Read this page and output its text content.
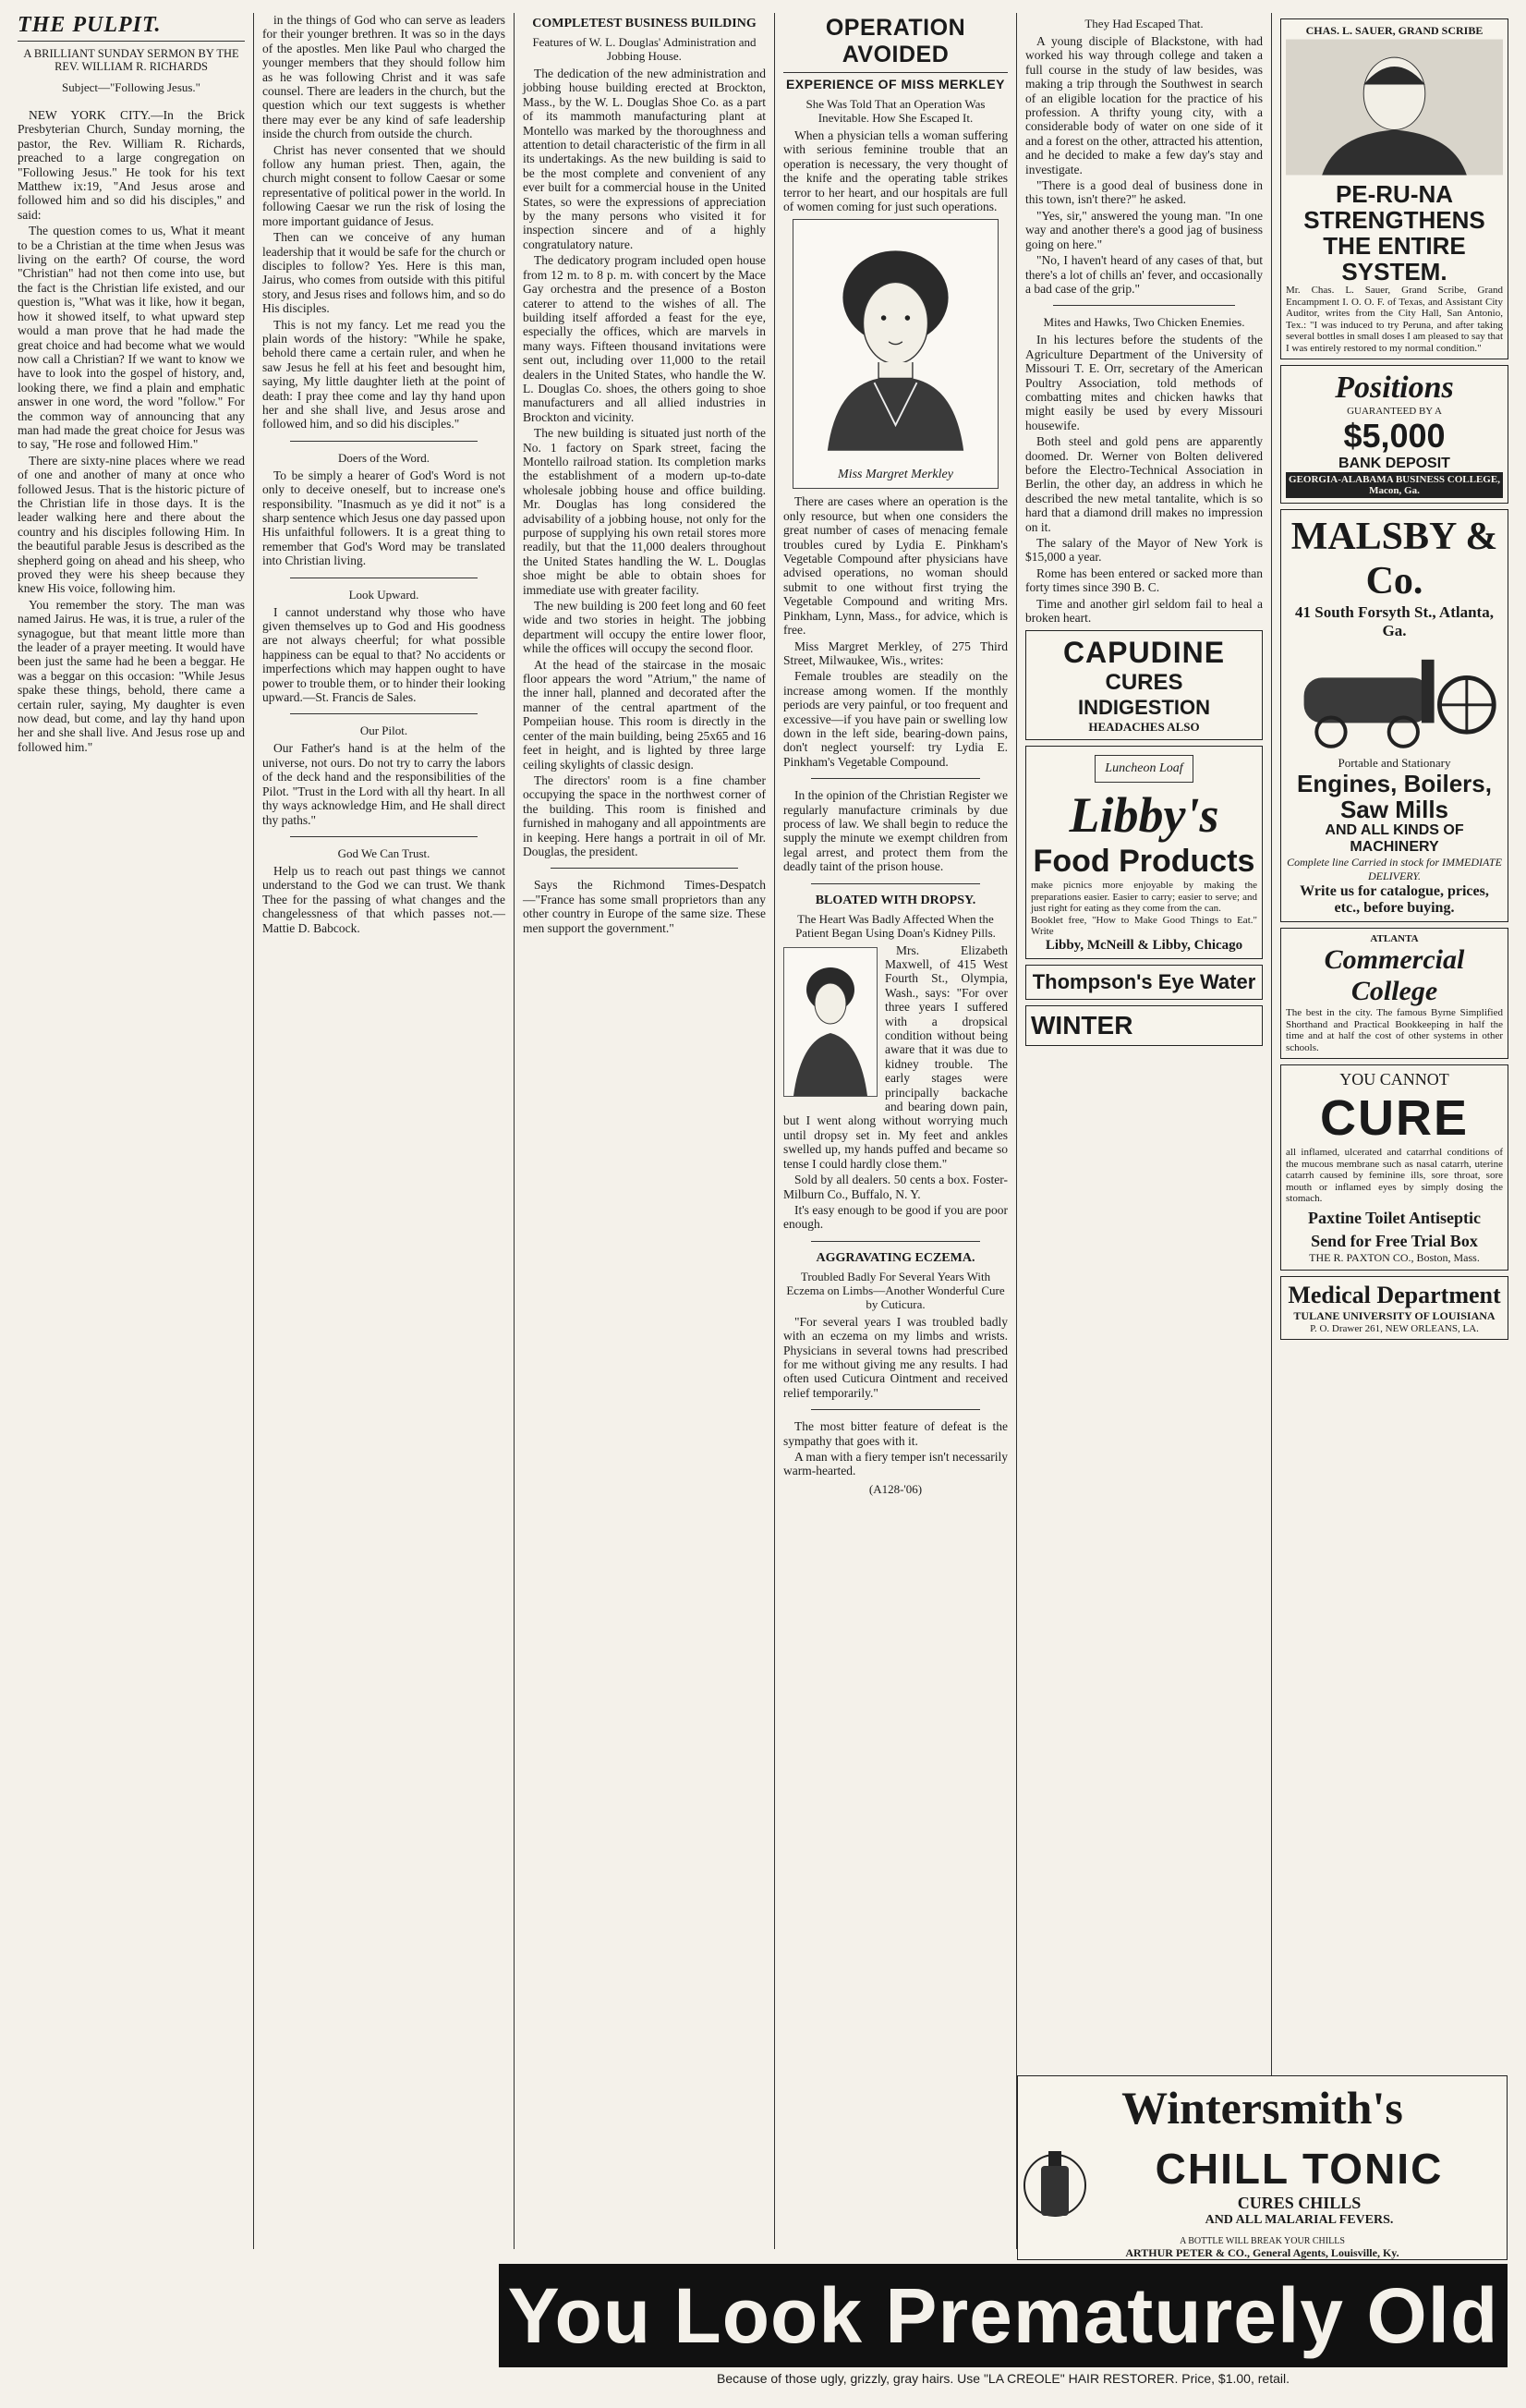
THE PULPIT.
A BRILLIANT SUNDAY SERMON BY THE REV. WILLIAM R. RICHARDS
Subject—"Following Jesus."

NEW YORK CITY.—In the Brick Presbyterian Church, Sunday morning, the pastor, the Rev. William R. Richards, preached to a large congregation on "Following Jesus." He took for his text Matthew ix:19, "And Jesus arose and followed him and so did his disciples," and said:

The question comes to us, What it meant to be a Christian at the time when Jesus was living on the earth? Of course, the word "Christian" had not then come into use, but the fact is the Christian life existed, and our question is, "What was it like, how it began, how it showed itself, to what upward step would a man prove that he had made the great choice and had become what we would now call a Christian? If we want to know we have to look into the gospel of history, and, looking there, we find a plain and emphatic answer in one word, the word "follow." For the common way of announcing that any man had made the great choice for Jesus was to say, "He rose and followed Him."

There are sixty-nine places where we read of one and another of many at once who followed Jesus. That is the historic picture of the Christian life in those days. It is the leader walking here and there about the country and his disciples following Him. In the beautiful parable Jesus is described as the shepherd going on ahead and his sheep, who proved they were his sheep because they knew His voice, following him.

You remember the story. The man was named Jairus. He was, it is true, a ruler of the synagogue, but that meant little more than the leader of a prayer meeting. It would have been just the same had he been a beggar. He was a beggar on this occasion: "While Jesus spake these things, behold, there came a certain ruler, saying, My daughter is even now dead, but come, and lay thy hand upon her and she shall live. And Jesus rose up and followed him."

in the things of God who can serve as leaders for their younger brethren. It was so in the days of the apostles. Men like Paul who charged the younger members that they should follow him as he was following Christ and it was safe counsel. There are leaders in the church, but the question which our text suggests is whether there may ever be any kind of safe leadership inside the church from outside the church.

Christ has never consented that we should follow any human priest. Then, again, the church might consent to follow Caesar or some representative of political power in the world. In following Caesar we run the risk of losing the more important guidance of Jesus.

Then can we conceive of any human leadership that it would be safe for the church or disciples to follow? Yes. Here is this man, Jairus, who comes from outside with this pitiful story, and Jesus rises and follows him, and so do His disciples.

This is not my fancy. Let me read you the plain words of the history: "While he spake, behold there came a certain ruler, and when he saw Jesus he fell at his feet and besought him, saying, My little daughter lieth at the point of death: I pray thee come and lay thy hand upon her and she shall live, and Jesus arose and followed him, and so did his disciples."

Doers of the Word.

To be simply a hearer of God's Word is not only to deceive oneself, but to increase one's responsibility. "Inasmuch as ye did it not" is a sharp sentence which Jesus one day passed upon His unfaithful followers. It is a great thing to remember that God's Word may be translated into Christian living.

Look Upward.

I cannot understand why those who have given themselves up to God and His goodness are not always cheerful; for what possible happiness can be equal to that? No accidents or imperfections which may happen ought to have power to trouble them, or to hinder their looking upward.—St. Francis de Sales.

Our Pilot.

Our Father's hand is at the helm of the universe, not ours. Do not try to carry the labors of the deck hand and the responsibilities of the Pilot. "Trust in the Lord with all thy heart. In all thy ways acknowledge Him, and He shall direct thy paths."

God We Can Trust.

Help us to reach out past things we cannot understand to the God we can trust. We thank Thee for the passing of what changes and the changelessness of that which passes not.—Mattie D. Babcock.

COMPLETEST BUSINESS BUILDING
Features of W. L. Douglas' Administration and Jobbing House.

The dedication of the new administration and jobbing house building erected at Brockton, Mass., by the W. L. Douglas Shoe Co. as a part of its mammoth manufacturing plant at Montello was marked by the thoroughness and attention to detail characteristic of the firm in all its undertakings. As the new building is said to be the most complete and convenient of any ever built for a commercial house in the United States, so were the expressions of appreciation by the many persons who visited it for inspection sincere and of a highly congratulatory nature.

The dedicatory program included open house from 12 m. to 8 p. m. with concert by the Mace Gay orchestra and the presence of a Boston caterer to attend to the wishes of all. The building itself afforded a feast for the eye, especially the offices, which are marvels in many ways. Fifteen thousand invitations were sent out, including over 11,000 to the retail dealers in the United States, who handle the W. L. Douglas Co. shoes, the others going to shoe manufacturers and all allied industries in Brockton and vicinity.

The new building is situated just north of the No. 1 factory on Spark street, facing the Montello railroad station. Its completion marks the establishment of a modern up-to-date wholesale jobbing house and office building. Mr. Douglas has long considered the advisability of a jobbing house, not only for the purpose of supplying his own retail stores more readily, but that the 11,000 dealers throughout the United States handling the W. L. Douglas shoe might be able to obtain shoes for immediate use with greater facility.

The new building is 200 feet long and 60 feet wide and two stories in height. The jobbing department will occupy the entire lower floor, while the offices will occupy the second floor.

At the head of the staircase in the mosaic floor appears the word "Atrium," the name of the inner hall, planned and decorated after the manner of the central apartment of the Pompeiian house. This room is directly in the center of the main building, being 25x65 and 16 feet in height, and is lighted by three large ceiling skylights of classic design.

The directors' room is a fine chamber occupying the space in the northwest corner of the building. This room is finished and furnished in mahogany and all appointments are in keeping. Here hangs a portrait in oil of Mr. Douglas, the president.

Says the Richmond Times-Despatch —"France has some small proprietors than any other country in Europe of the same size. These men support the government."

OPERATION AVOIDED
EXPERIENCE OF MISS MERKLEY
She Was Told That an Operation Was Inevitable. How She Escaped It.

When a physician tells a woman suffering with serious feminine trouble that an operation is necessary, the very thought of the knife and the operating table strikes terror to her heart, and our hospitals are full of women coming for just such operations.

Miss Margret Merkley

There are cases where an operation is the only resource, but when one considers the great number of cases of menacing female troubles cured by Lydia E. Pinkham's Vegetable Compound after physicians have advised operations, no woman should submit to one without first trying the Vegetable Compound and writing Mrs. Pinkham, Lynn, Mass., for advice, which is free.

Miss Margret Merkley, of 275 Third Street, Milwaukee, Wis., writes:

Female troubles are steadily on the increase among women. If the monthly periods are very painful, or too frequent and excessive—if you have pain or swelling low down in the left side, bearing-down pains, don't neglect yourself: try Lydia E. Pinkham's Vegetable Compound.

In the opinion of the Christian Register we regularly manufacture criminals by due process of law. We shall begin to reduce the supply the minute we exempt children from legal arrest, and protect them from the deadly taint of the prison house.

BLOATED WITH DROPSY.
The Heart Was Badly Affected When the Patient Began Using Doan's Kidney Pills.

Mrs. Elizabeth Maxwell, of 415 West Fourth St., Olympia, Wash., says: "For over three years I suffered with a dropsical condition without being aware that it was due to kidney trouble. The early stages were principally backache and bearing down pain, but I went along without worrying much until dropsy set in. My feet and ankles swelled up, my hands puffed and became so tense I could hardly close them."

Sold by all dealers. 50 cents a box. Foster-Milburn Co., Buffalo, N. Y.

It's easy enough to be good if you are poor enough.

AGGRAVATING ECZEMA.
Troubled Badly For Several Years With Eczema on Limbs—Another Wonderful Cure by Cuticura.

"For several years I was troubled badly with an eczema on my limbs and wrists. Physicians in several towns had prescribed for me without giving me any results. I had often used Cuticura Ointment and received relief temporarily."

The most bitter feature of defeat is the sympathy that goes with it.

A man with a fiery temper isn't necessarily warm-hearted.

(A128-'06)
They Had Escaped That.

A young disciple of Blackstone, with had worked his way through college and taken a full course in the study of law besides, was making a trip through the Southwest in search of an eligible location for the practice of his profession. A thrifty young city, with a considerable body of water on one side of it and a forest on the other, attracted his attention, and he decided to make a few day's stay and investigate.

"There is a good deal of business done in this town, isn't there?" he asked.

"Yes, sir," answered the young man. "In one way and another there's a good jag of business going on here."

"No, I haven't heard of any cases of that, but there's a lot of chills an' fever, and occasionally a bad case of the grip."

Mites and Hawks, Two Chicken Enemies.

In his lectures before the students of the Agriculture Department of the University of Missouri T. E. Orr, secretary of the American Poultry Association, told methods of combatting mites and chicken hawks that might easily be used by every Missouri housewife.

Both steel and gold pens are apparently doomed. Dr. Werner von Bolten delivered before the Electro-Technical Association in Berlin, the other day, an address in which he described the new metal tantalite, which is so hard that a diamond drill makes no impression on it.

The salary of the Mayor of New York is $15,000 a year.

Rome has been entered or sacked more than forty times since 390 B. C.

Time and another girl seldom fail to heal a broken heart.

CAPUDINE
CURES
INDIGESTION
HEADACHES ALSO
Luncheon Loaf
Libby's
Food Products
make picnics more enjoyable by making the preparations easier. Easier to carry; easier to serve; and just right for eating as they come from the can.
Booklet free, "How to Make Good Things to Eat." Write
Libby, McNeill & Libby, Chicago
Thompson's Eye Water
WINTER
CHAS. L. SAUER, GRAND SCRIBE
PE-RU-NA STRENGTHENS THE ENTIRE SYSTEM.
Mr. Chas. L. Sauer, Grand Scribe, Grand Encampment I. O. O. F. of Texas, and Assistant City Auditor, writes from the City Hall, San Antonio, Tex.: "I was induced to try Peruna, and after taking several bottles in small doses I am pleased to say that I was entirely restored to my normal condition."
Positions
GUARANTEED BY A
$5,000
BANK DEPOSIT
GEORGIA-ALABAMA BUSINESS COLLEGE, Macon, Ga.
MALSBY & Co.
41 South Forsyth St., Atlanta, Ga.
Portable and Stationary
Engines, Boilers, Saw Mills
AND ALL KINDS OF MACHINERY
Complete line Carried in stock for IMMEDIATE DELIVERY.
Write us for catalogue, prices, etc., before buying.
ATLANTA
Commercial College
The best in the city. The famous Byrne Simplified Shorthand and Practical Bookkeeping in half the time and at half the cost of other systems in other schools.
YOU CANNOT
CURE
all inflamed, ulcerated and catarrhal conditions of the mucous membrane such as nasal catarrh, uterine catarrh caused by feminine ills, sore throat, sore mouth or inflamed eyes by simply dosing the stomach.
Paxtine Toilet Antiseptic
Send for Free Trial Box
THE R. PAXTON CO., Boston, Mass.
Medical Department
TULANE UNIVERSITY OF LOUISIANA
P. O. Drawer 261, NEW ORLEANS, LA.
Wintersmith's
CHILL TONIC
CURES CHILLS
AND ALL MALARIAL FEVERS.
A BOTTLE WILL BREAK YOUR CHILLS
ARTHUR PETER & CO., General Agents, Louisville, Ky.
You Look Prematurely Old
Because of those ugly, grizzly, gray hairs. Use "LA CREOLE" HAIR RESTORER. Price, $1.00, retail.
